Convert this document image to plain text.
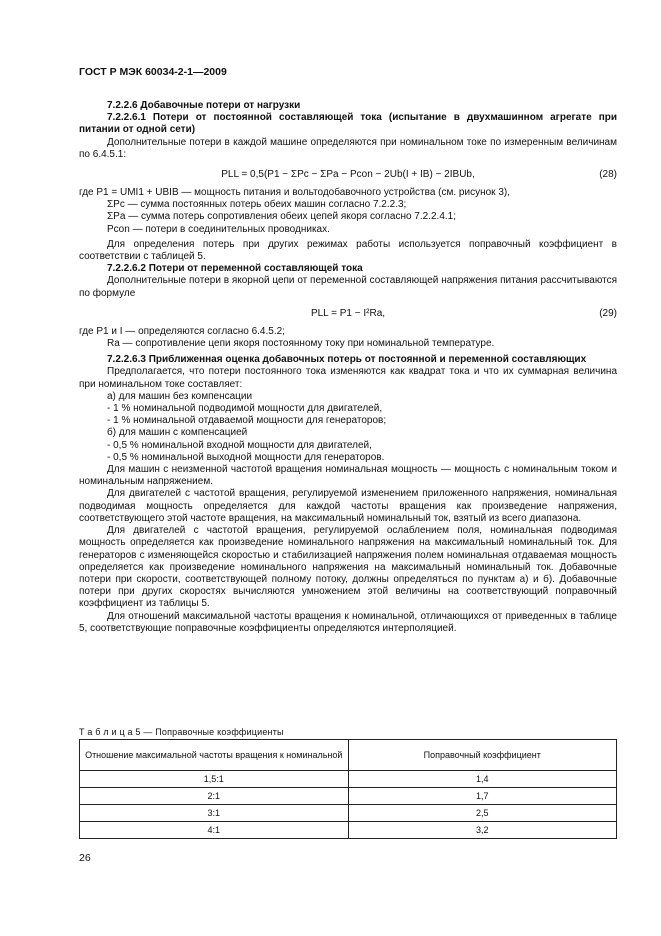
ГОСТ Р МЭК 60034-2-1—2009

7.2.2.6 Добавочные потери от нагрузки

7.2.2.6.1 Потери от постоянной составляющей тока (испытание в двухмашинном агрегате при питании от одной сети)

Дополнительные потери в каждой машине определяются при номинальном токе по измеренным величинам по 6.4.5.1:

PLL = 0,5(P1 − ΣPc − ΣPa − Pcon − 2Ub(I + IB) − 2IBUb,	(28)

где P1 = UMI1 + UBIB — мощность питания и вольтодобавочного устройства (см. рисунок 3),

ΣPc — сумма постоянных потерь обеих машин согласно 7.2.2.3;

ΣPa — сумма потерь сопротивления обеих цепей якоря согласно 7.2.2.4.1;

Pcon — потери в соединительных проводниках.

Для определения потерь при других режимах работы используется поправочный коэффициент в соответствии с таблицей 5.

7.2.2.6.2 Потери от переменной составляющей тока

Дополнительные потери в якорной цепи от переменной составляющей напряжения питания рассчитываются по формуле

PLL = P1 − I²Ra,	(29)

где P1 и I — определяются согласно 6.4.5.2;

Ra — сопротивление цепи якоря постоянному току при номинальной температуре.

7.2.2.6.3 Приближенная оценка добавочных потерь от постоянной и переменной составляющих

Предполагается, что потери постоянного тока изменяются как квадрат тока и что их суммарная величина при номинальном токе составляет:

а) для машин без компенсации

- 1 % номинальной подводимой мощности для двигателей,

- 1 % номинальной отдаваемой мощности для генераторов;

б) для машин с компенсацией

- 0,5 % номинальной входной мощности для двигателей,

- 0,5 % номинальной выходной мощности для генераторов.

Для машин с неизменной частотой вращения номинальная мощность — мощность с номинальным током и номинальным напряжением.

Для двигателей с частотой вращения, регулируемой изменением приложенного напряжения, номинальная подводимая мощность определяется для каждой частоты вращения как произведение напряжения, соответствующего этой частоте вращения, на максимальный номинальный ток, взятый из всего диапазона.

Для двигателей с частотой вращения, регулируемой ослаблением поля, номинальная подводимая мощность определяется как произведение номинального напряжения на максимальный номинальный ток. Для генераторов с изменяющейся скоростью и стабилизацией напряжения полем номинальная отдаваемая мощность определяется как произведение номинального напряжения на максимальный номинальный ток. Добавочные потери при скорости, соответствующей полному потоку, должны определяться по пунктам а) и б). Добавочные потери при других скоростях вычисляются умножением этой величины на соответствующий поправочный коэффициент из таблицы 5.

Для отношений максимальной частоты вращения к номинальной, отличающихся от приведенных в таблице 5, соответствующие поправочные коэффициенты определяются интерполяцией.

Т а б л и ц а 5 — Поправочные коэффициенты
Отношение максимальной частоты вращения к номинальной	Поправочный коэффициент
1,5:1	1,4
2:1	1,7
3:1	2,5
4:1	3,2
26
